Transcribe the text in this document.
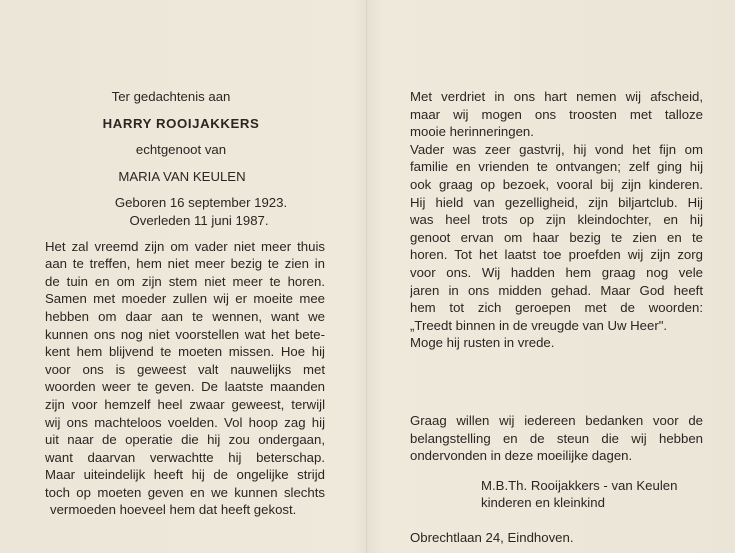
Ter gedachtenis aan
HARRY ROOIJAKKERS
echtgenoot van
MARIA VAN KEULEN
Geboren 16 september 1923.
Overleden 11 juni 1987.
Het zal vreemd zijn om vader niet meer thuis
aan te treffen, hem niet meer bezig te zien in
de tuin en om zijn stem niet meer te horen.
Samen met moeder zullen wij er moeite mee
hebben om daar aan te wennen, want we
kunnen ons nog niet voorstellen wat het bete-
kent hem blijvend te moeten missen. Hoe hij
voor ons is geweest valt nauwelijks met
woorden weer te geven. De laatste maanden
zijn voor hemzelf heel zwaar geweest, terwijl
wij ons machteloos voelden. Vol hoop zag hij
uit naar de operatie die hij zou ondergaan,
want daarvan verwachtte hij beterschap.
Maar uiteindelijk heeft hij de ongelijke strijd
toch op moeten geven en we kunnen slechts
vermoeden hoeveel hem dat heeft gekost.
Met verdriet in ons hart nemen wij afscheid,
maar wij mogen ons troosten met talloze
mooie herinneringen.
Vader was zeer gastvrij, hij vond het fijn om
familie en vrienden te ontvangen; zelf ging hij
ook graag op bezoek, vooral bij zijn kinderen.
Hij hield van gezelligheid, zijn biljartclub. Hij
was heel trots op zijn kleindochter, en hij
genoot ervan om haar bezig te zien en te
horen. Tot het laatst toe proefden wij zijn zorg
voor ons. Wij hadden hem graag nog vele
jaren in ons midden gehad. Maar God heeft
hem tot zich geroepen met de woorden:
„Treedt binnen in de vreugde van Uw Heer".
Moge hij rusten in vrede.
Graag willen wij iedereen bedanken voor de
belangstelling en de steun die wij hebben
ondervonden in deze moeilijke dagen.
M.B.Th. Rooijakkers - van Keulen
kinderen en kleinkind
Obrechtlaan 24, Eindhoven.
